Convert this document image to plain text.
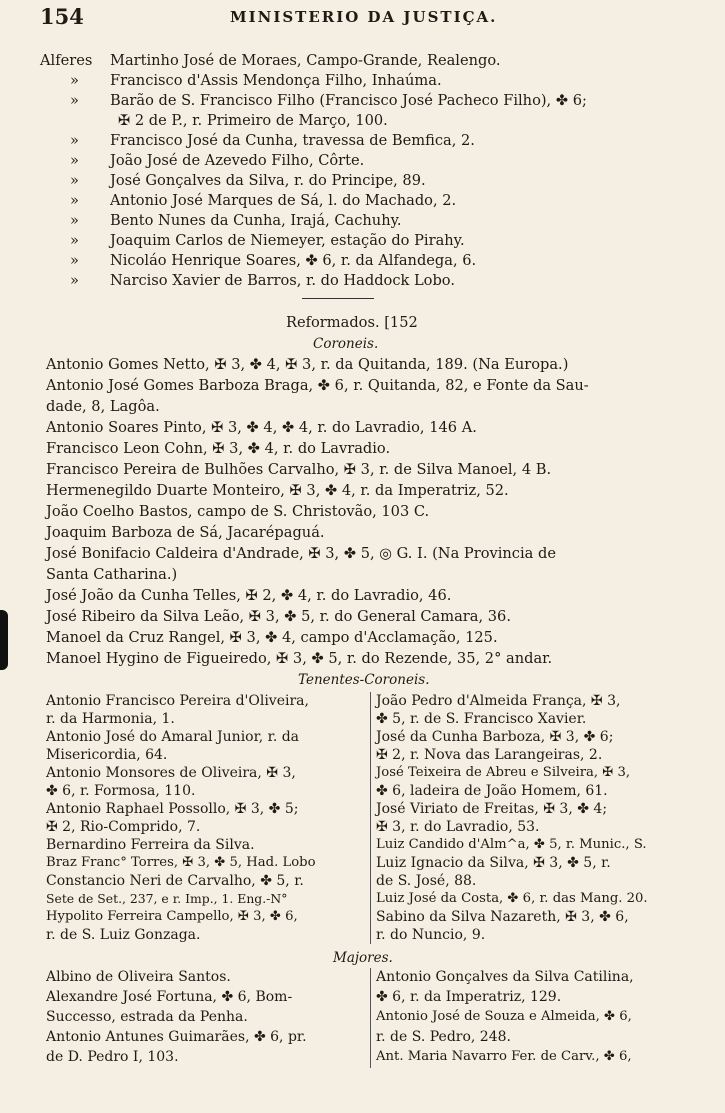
154	MINISTERIO DA JUSTIÇA.
Alferes Martinho José de Moraes, Campo-Grande, Realengo.
» Francisco d'Assis Mendonça Filho, Inhaúma.
» Barão de S. Francisco Filho (Francisco José Pacheco Filho), ✤ 6;
✠ 2 de P., r. Primeiro de Março, 100.
» Francisco José da Cunha, travessa de Bemfica, 2.
» João José de Azevedo Filho, Côrte.
» José Gonçalves da Silva, r. do Principe, 89.
» Antonio José Marques de Sá, l. do Machado, 2.
» Bento Nunes da Cunha, Irajá, Cachuhy.
» Joaquim Carlos de Niemeyer, estação do Pirahy.
» Nicoláo Henrique Soares, ✤ 6, r. da Alfandega, 6.
» Narciso Xavier de Barros, r. do Haddock Lobo.
Reformados. [152
Coroneis.
Antonio Gomes Netto, ✠ 3, ✤ 4, ✠ 3, r. da Quitanda, 189. (Na Europa.)
Antonio José Gomes Barboza Braga, ✤ 6, r. Quitanda, 82, e Fonte da Sau-
dade, 8, Lagôa.
Antonio Soares Pinto, ✠ 3, ✤ 4, ✤ 4, r. do Lavradio, 146 A.
Francisco Leon Cohn, ✠ 3, ✤ 4, r. do Lavradio.
Francisco Pereira de Bulhões Carvalho, ✠ 3, r. de Silva Manoel, 4 B.
Hermenegildo Duarte Monteiro, ✠ 3, ✤ 4, r. da Imperatriz, 52.
João Coelho Bastos, campo de S. Christovão, 103 C.
Joaquim Barboza de Sá, Jacarépaguá.
José Bonifacio Caldeira d'Andrade, ✠ 3, ✤ 5, ◎ G. I. (Na Provincia de
Santa Catharina.)
José João da Cunha Telles, ✠ 2, ✤ 4, r. do Lavradio, 46.
José Ribeiro da Silva Leão, ✠ 3, ✤ 5, r. do General Camara, 36.
Manoel da Cruz Rangel, ✠ 3, ✤ 4, campo d'Acclamação, 125.
Manoel Hygino de Figueiredo, ✠ 3, ✤ 5, r. do Rezende, 35, 2° andar.
Tenentes-Coroneis.
Antonio Francisco Pereira d'Oliveira,
r. da Harmonia, 1.
Antonio José do Amaral Junior, r. da
Misericordia, 64.
Antonio Monsores de Oliveira, ✠ 3,
✤ 6, r. Formosa, 110.
Antonio Raphael Possollo, ✠ 3, ✤ 5;
✠ 2, Rio-Comprido, 7.
Bernardino Ferreira da Silva.
Braz Franc° Torres, ✠ 3, ✤ 5, Had. Lobo
Constancio Neri de Carvalho, ✤ 5, r.
Sete de Set., 237, e r. Imp., 1. Eng.-N°
Hypolito Ferreira Campello, ✠ 3, ✤ 6,
r. de S. Luiz Gonzaga.
João Pedro d'Almeida França, ✠ 3,
✤ 5, r. de S. Francisco Xavier.
José da Cunha Barboza, ✠ 3, ✤ 6;
✠ 2, r. Nova das Larangeiras, 2.
José Teixeira de Abreu e Silveira, ✠ 3,
✤ 6, ladeira de João Homem, 61.
José Viriato de Freitas, ✠ 3, ✤ 4;
✠ 3, r. do Lavradio, 53.
Luiz Candido d'Alm^a, ✤ 5, r. Munic., S.
Luiz Ignacio da Silva, ✠ 3, ✤ 5, r.
de S. José, 88.
Luiz José da Costa, ✤ 6, r. das Mang. 20.
Sabino da Silva Nazareth, ✠ 3, ✤ 6,
r. do Nuncio, 9.
Majores.
Albino de Oliveira Santos.
Alexandre José Fortuna, ✤ 6, Bom-
Successo, estrada da Penha.
Antonio Antunes Guimarães, ✤ 6, pr.
de D. Pedro I, 103.
Antonio Gonçalves da Silva Catilina,
✤ 6, r. da Imperatriz, 129.
Antonio José de Souza e Almeida, ✤ 6,
r. de S. Pedro, 248.
Ant. Maria Navarro Fer. de Carv., ✤ 6,
